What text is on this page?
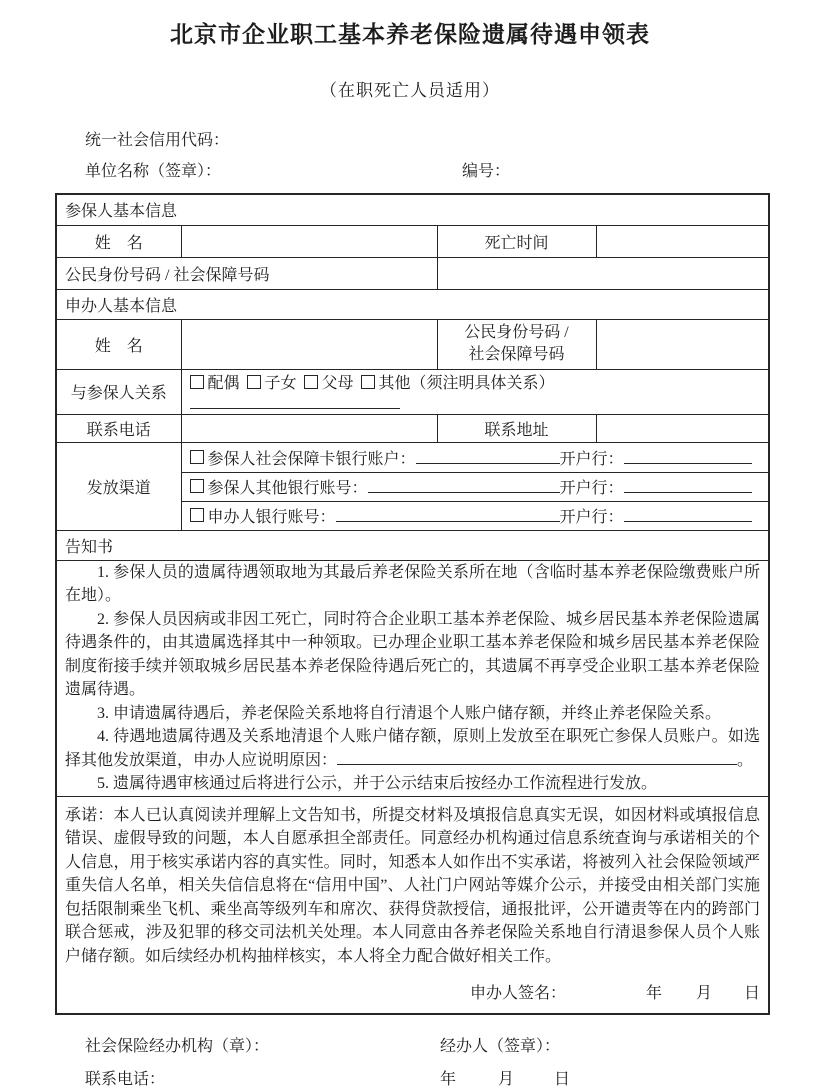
北京市企业职工基本养老保险遗属待遇申领表
（在职死亡人员适用）
统一社会信用代码：
单位名称（签章）：	编号：
参保人基本信息			
姓　名		死亡时间	
公民身份号码 / 社会保障号码			
申办人基本信息			
姓　名		公民身份号码 /
社会保障号码	

与参保人关系	配偶 子女 父母 其他（须注明具体关系）		
联系电话		联系地址	
发放渠道	参保人社会保障卡银行账户： 开户行：		

	参保人其他银行账号： 开户行：		

	申办人银行账号： 开户行：		
告知书			

1. 参保人员的遗属待遇领取地为其最后养老保险关系所在地（含临时基本养老保险缴费账户所在地）。

2. 参保人员因病或非因工死亡，同时符合企业职工基本养老保险、城乡居民基本养老保险遗属待遇条件的，由其遗属选择其中一种领取。已办理企业职工基本养老保险和城乡居民基本养老保险制度衔接手续并领取城乡居民基本养老保险待遇后死亡的，其遗属不再享受企业职工基本养老保险遗属待遇。

3. 申请遗属待遇后，养老保险关系地将自行清退个人账户储存额，并终止养老保险关系。

4. 待遇地遗属待遇及关系地清退个人账户储存额，原则上发放至在职死亡参保人员账户。如选择其他发放渠道，申办人应说明原因： 。

5. 遗属待遇审核通过后将进行公示，并于公示结束后按经办工作流程进行发放。			

承诺：本人已认真阅读并理解上文告知书，所提交材料及填报信息真实无误，如因材料或填报信息错误、虚假导致的问题，本人自愿承担全部责任。同意经办机构通过信息系统查询与承诺相关的个人信息，用于核实承诺内容的真实性。同时，知悉本人如作出不实承诺，将被列入社会保险领域严重失信人名单，相关失信信息将在“信用中国”、人社门户网站等媒介公示，并接受由相关部门实施包括限制乘坐飞机、乘坐高等级列车和席次、获得贷款授信，通报批评，公开谴责等在内的跨部门联合惩戒，涉及犯罪的移交司法机关处理。本人同意由各养老保险关系地自行清退参保人员个人账户储存额。如后续经办机构抽样核实，本人将全力配合做好相关工作。

申办人签名： 年 月 日			
社会保险经办机构（章）：	经办人（签章）：
联系电话：	年	月	日
